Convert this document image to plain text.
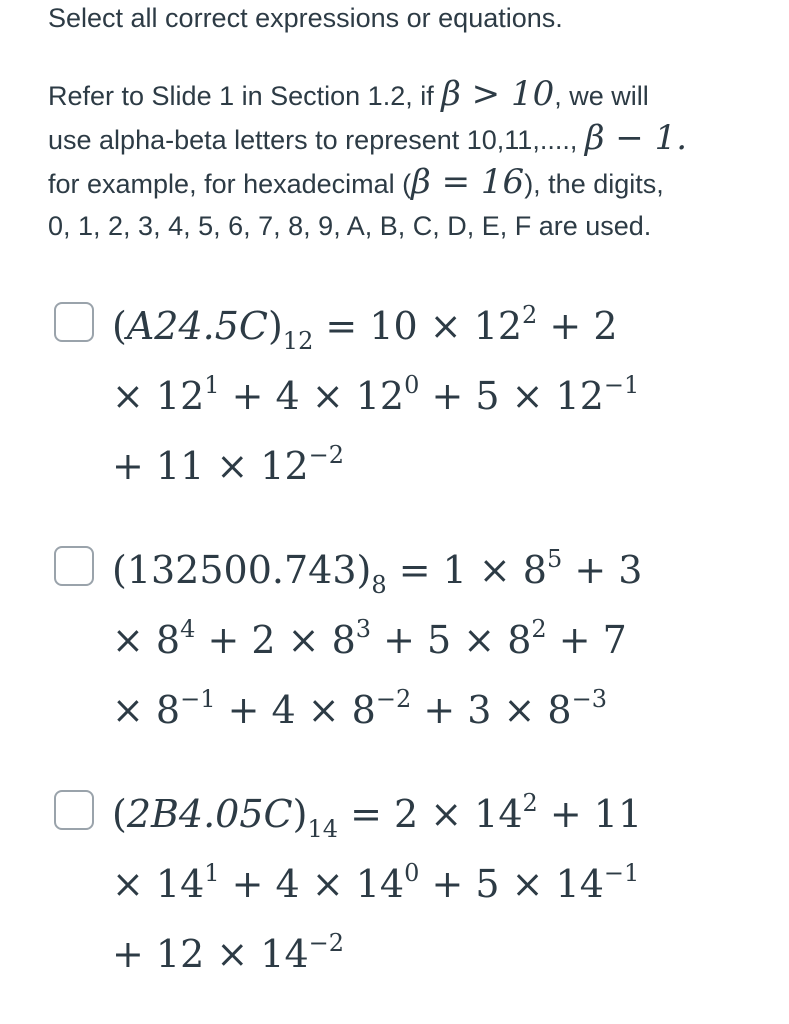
Select all correct expressions or equations.
Refer to Slide 1 in Section 1.2, if β > 10, we will
use alpha-beta letters to represent 10,11,...., β − 1.
for example, for hexadecimal (β = 16), the digits,
0, 1, 2, 3, 4, 5, 6, 7, 8, 9, A, B, C, D, E, F are used.
$(A24.5C)_{12} = 10 \times 12^2 + 2$
× $12^1 + 4 \times 12^0 + 5 \times 12^{-1}$
+ $11 \times 12^{-2}$
$(132500.743)_8 = 1 \times 8^5 + 3$
× $8^4 + 2 \times 8^3 + 5 \times 8^2 + 7$
× $8^{-1} + 4 \times 8^{-2} + 3 \times 8^{-3}$
$(2B4.05C)_{14} = 2 \times 14^2 + 11$
× $14^1 + 4 \times 14^0 + 5 \times 14^{-1}$
+ $12 \times 14^{-2}$
